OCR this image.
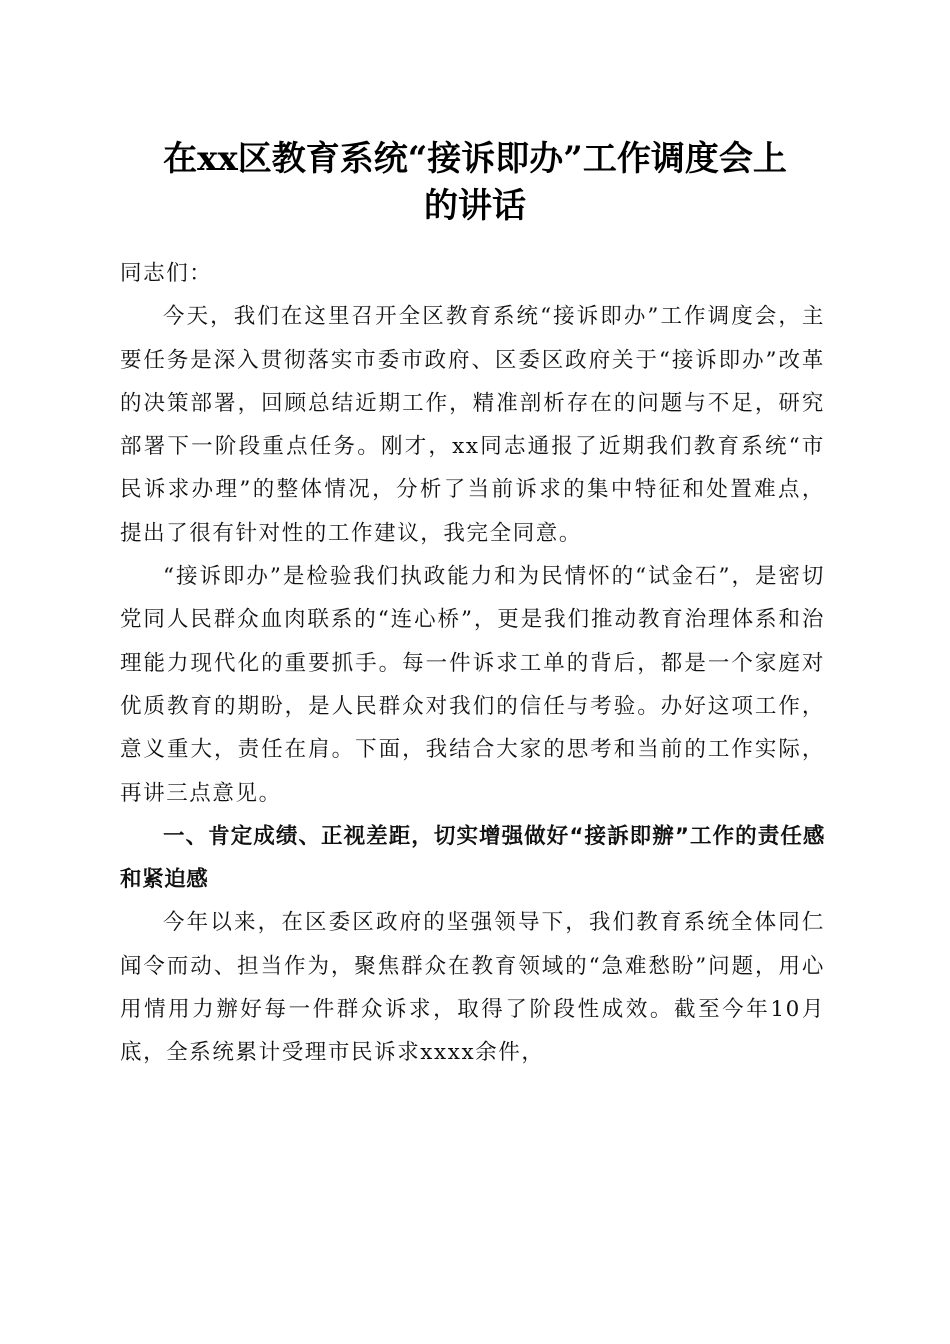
在xx区教育系统“接诉即办”工作调度会上
的讲话

同志们：

今天，我们在这里召开全区教育系统“接诉即办”工作调度会，主要任务是深入贯彻落实市委市政府、区委区政府关于“接诉即办”改革的决策部署，回顾总结近期工作，精准剖析存在的问题与不足，研究部署下一阶段重点任务。刚才，xx同志通报了近期我们教育系统“市民诉求办理”的整体情况，分析了当前诉求的集中特征和处置难点，提出了很有针对性的工作建议，我完全同意。

“接诉即办”是检验我们执政能力和为民情怀的“试金石”，是密切党同人民群众血肉联系的“连心桥”，更是我们推动教育治理体系和治理能力现代化的重要抓手。每一件诉求工单的背后，都是一个家庭对优质教育的期盼，是人民群众对我们的信任与考验。办好这项工作，意义重大，责任在肩。下面，我结合大家的思考和当前的工作实际，再讲三点意见。

一、肯定成绩、正视差距，切实增强做好“接訴即辦”工作的责任感和紧迫感

今年以来，在区委区政府的坚强领导下，我们教育系统全体同仁闻令而动、担当作为，聚焦群众在教育领域的“急难愁盼”问题，用心用情用力辦好每一件群众诉求，取得了阶段性成效。截至今年10月底，全系统累计受理市民诉求xxxx余件，
